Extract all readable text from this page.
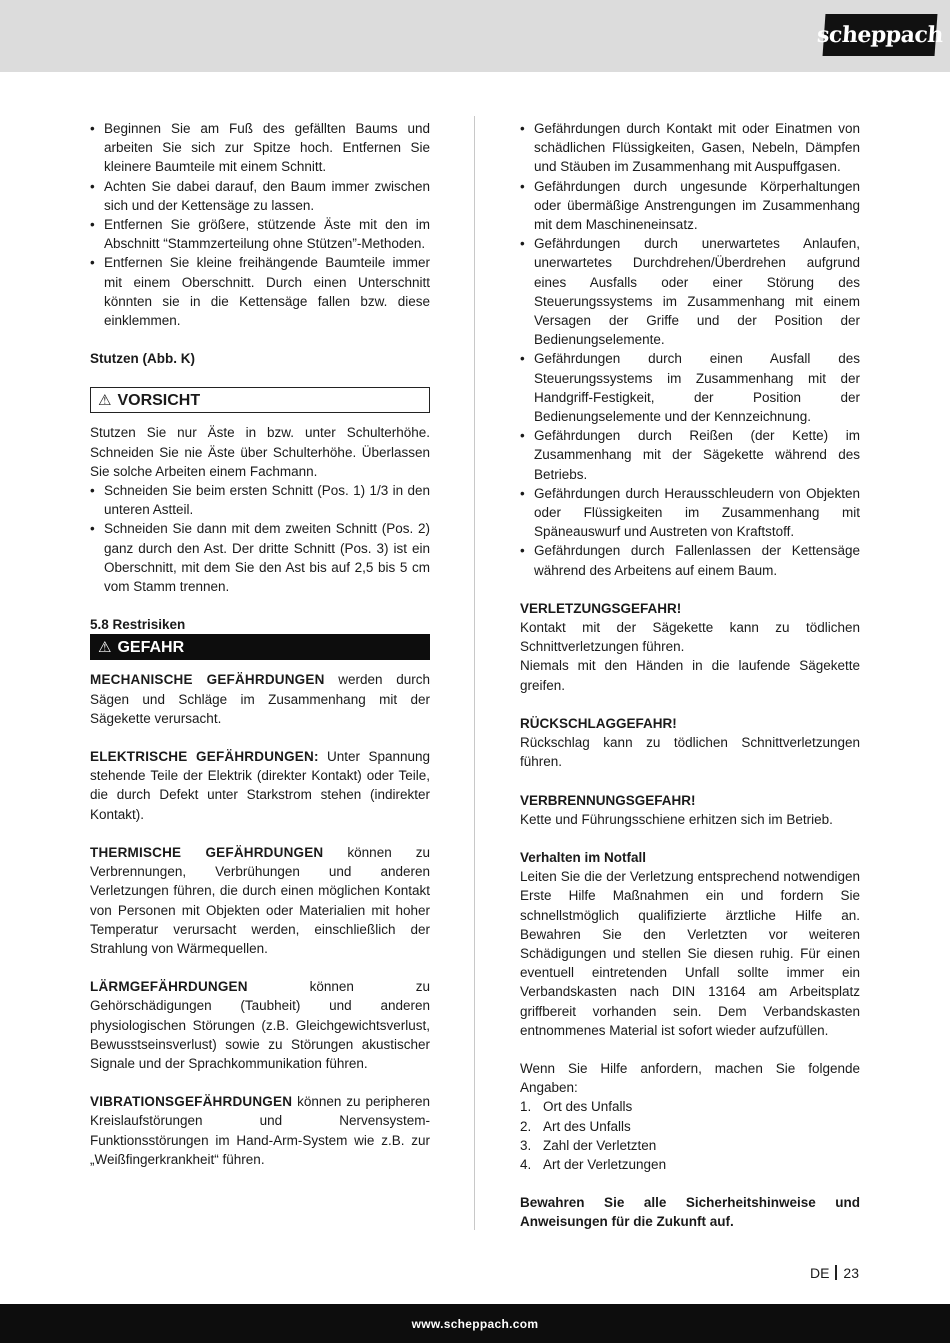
scheppach
• Beginnen Sie am Fuß des gefällten Baums und arbeiten Sie sich zur Spitze hoch. Entfernen Sie kleinere Baumteile mit einem Schnitt.
• Achten Sie dabei darauf, den Baum immer zwischen sich und der Kettensäge zu lassen.
• Entfernen Sie größere, stützende Äste mit den im Abschnitt “Stammzerteilung ohne Stützen”-Methoden.
• Entfernen Sie kleine freihängende Baumteile immer mit einem Oberschnitt. Durch einen Unterschnitt könnten sie in die Kettensäge fallen bzw. diese einklemmen.

Stutzen (Abb. K)

⚠ VORSICHT

Stutzen Sie nur Äste in bzw. unter Schulterhöhe. Schneiden Sie nie Äste über Schulterhöhe. Überlassen Sie solche Arbeiten einem Fachmann.

• Schneiden Sie beim ersten Schnitt (Pos. 1) 1/3 in den unteren Astteil.
• Schneiden Sie dann mit dem zweiten Schnitt (Pos. 2) ganz durch den Ast. Der dritte Schnitt (Pos. 3) ist ein Oberschnitt, mit dem Sie den Ast bis auf 2,5 bis 5 cm vom Stamm trennen.

5.8 Restrisiken

⚠ GEFAHR

MECHANISCHE GEFÄHRDUNGEN werden durch Sägen und Schläge im Zusammenhang mit der Sägekette verursacht.

ELEKTRISCHE GEFÄHRDUNGEN: Unter Spannung stehende Teile der Elektrik (direkter Kontakt) oder Teile, die durch Defekt unter Starkstrom stehen (indirekter Kontakt).

THERMISCHE GEFÄHRDUNGEN können zu Verbrennungen, Verbrühungen und anderen Verletzungen führen, die durch einen möglichen Kontakt von Personen mit Objekten oder Materialien mit hoher Temperatur verursacht werden, einschließlich der Strahlung von Wärmequellen.

LÄRMGEFÄHRDUNGEN können zu Gehörschädigungen (Taubheit) und anderen physiologischen Störungen (z.B. Gleichgewichtsverlust, Bewusstseinsverlust) sowie zu Störungen akustischer Signale und der Sprachkommunikation führen.

VIBRATIONSGEFÄHRDUNGEN können zu peripheren Kreislaufstörungen und Nervensystem-Funktionsstörungen im Hand-Arm-System wie z.B. zur „Weißfingerkrankheit“ führen.

• Gefährdungen durch Kontakt mit oder Einatmen von schädlichen Flüssigkeiten, Gasen, Nebeln, Dämpfen und Stäuben im Zusammenhang mit Auspuffgasen.
• Gefährdungen durch ungesunde Körperhaltungen oder übermäßige Anstrengungen im Zusammenhang mit dem Maschineneinsatz.
• Gefährdungen durch unerwartetes Anlaufen, unerwartetes Durchdrehen/Überdrehen aufgrund eines Ausfalls oder einer Störung des Steuerungssystems im Zusammenhang mit einem Versagen der Griffe und der Position der Bedienungselemente.
• Gefährdungen durch einen Ausfall des Steuerungssystems im Zusammenhang mit der Handgriff-Festigkeit, der Position der Bedienungselemente und der Kennzeichnung.
• Gefährdungen durch Reißen (der Kette) im Zusammenhang mit der Sägekette während des Betriebs.
• Gefährdungen durch Herausschleudern von Objekten oder Flüssigkeiten im Zusammenhang mit Späneauswurf und Austreten von Kraftstoff.
• Gefährdungen durch Fallenlassen der Kettensäge während des Arbeitens auf einem Baum.

VERLETZUNGSGEFAHR!

Kontakt mit der Sägekette kann zu tödlichen Schnittverletzungen führen.

Niemals mit den Händen in die laufende Sägekette greifen.

RÜCKSCHLAGGEFAHR!

Rückschlag kann zu tödlichen Schnittverletzungen führen.

VERBRENNUNGSGEFAHR!

Kette und Führungsschiene erhitzen sich im Betrieb.

Verhalten im Notfall

Leiten Sie die der Verletzung entsprechend notwendigen Erste Hilfe Maßnahmen ein und fordern Sie schnellstmöglich qualifizierte ärztliche Hilfe an. Bewahren Sie den Verletzten vor weiteren Schädigungen und stellen Sie diesen ruhig. Für einen eventuell eintretenden Unfall sollte immer ein Verbandskasten nach DIN 13164 am Arbeitsplatz griffbereit vorhanden sein. Dem Verbandskasten entnommenes Material ist sofort wieder aufzufüllen.

Wenn Sie Hilfe anfordern, machen Sie folgende Angaben:

1. Ort des Unfalls
2. Art des Unfalls
3. Zahl der Verletzten
4. Art der Verletzungen

Bewahren Sie alle Sicherheitshinweise und Anweisungen für die Zukunft auf.

DE 23
www.scheppach.com
